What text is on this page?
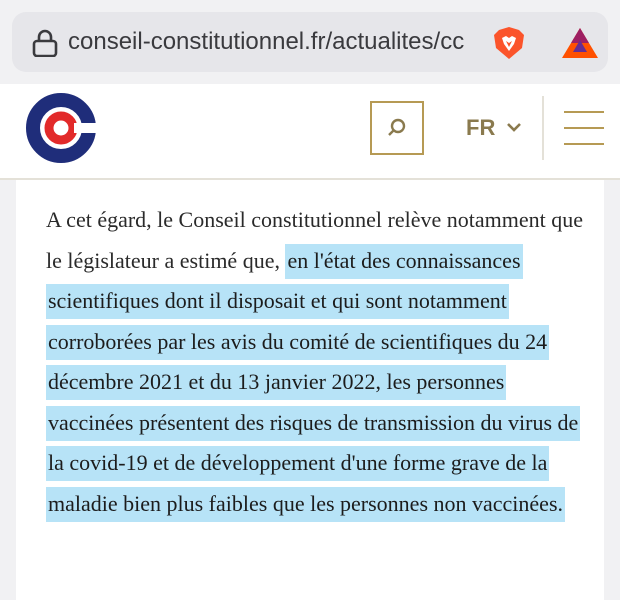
conseil-constitutionnel.fr/actualites/cc
FR

A cet égard, le Conseil constitutionnel relève notamment que le législateur a estimé que, en l'état des connaissances scientifiques dont il disposait et qui sont notamment corroborées par les avis du comité de scientifiques du 24 décembre 2021 et du 13 janvier 2022, les personnes vaccinées présentent des risques de transmission du virus de la covid-19 et de développement d'une forme grave de la maladie bien plus faibles que les personnes non vaccinées.
